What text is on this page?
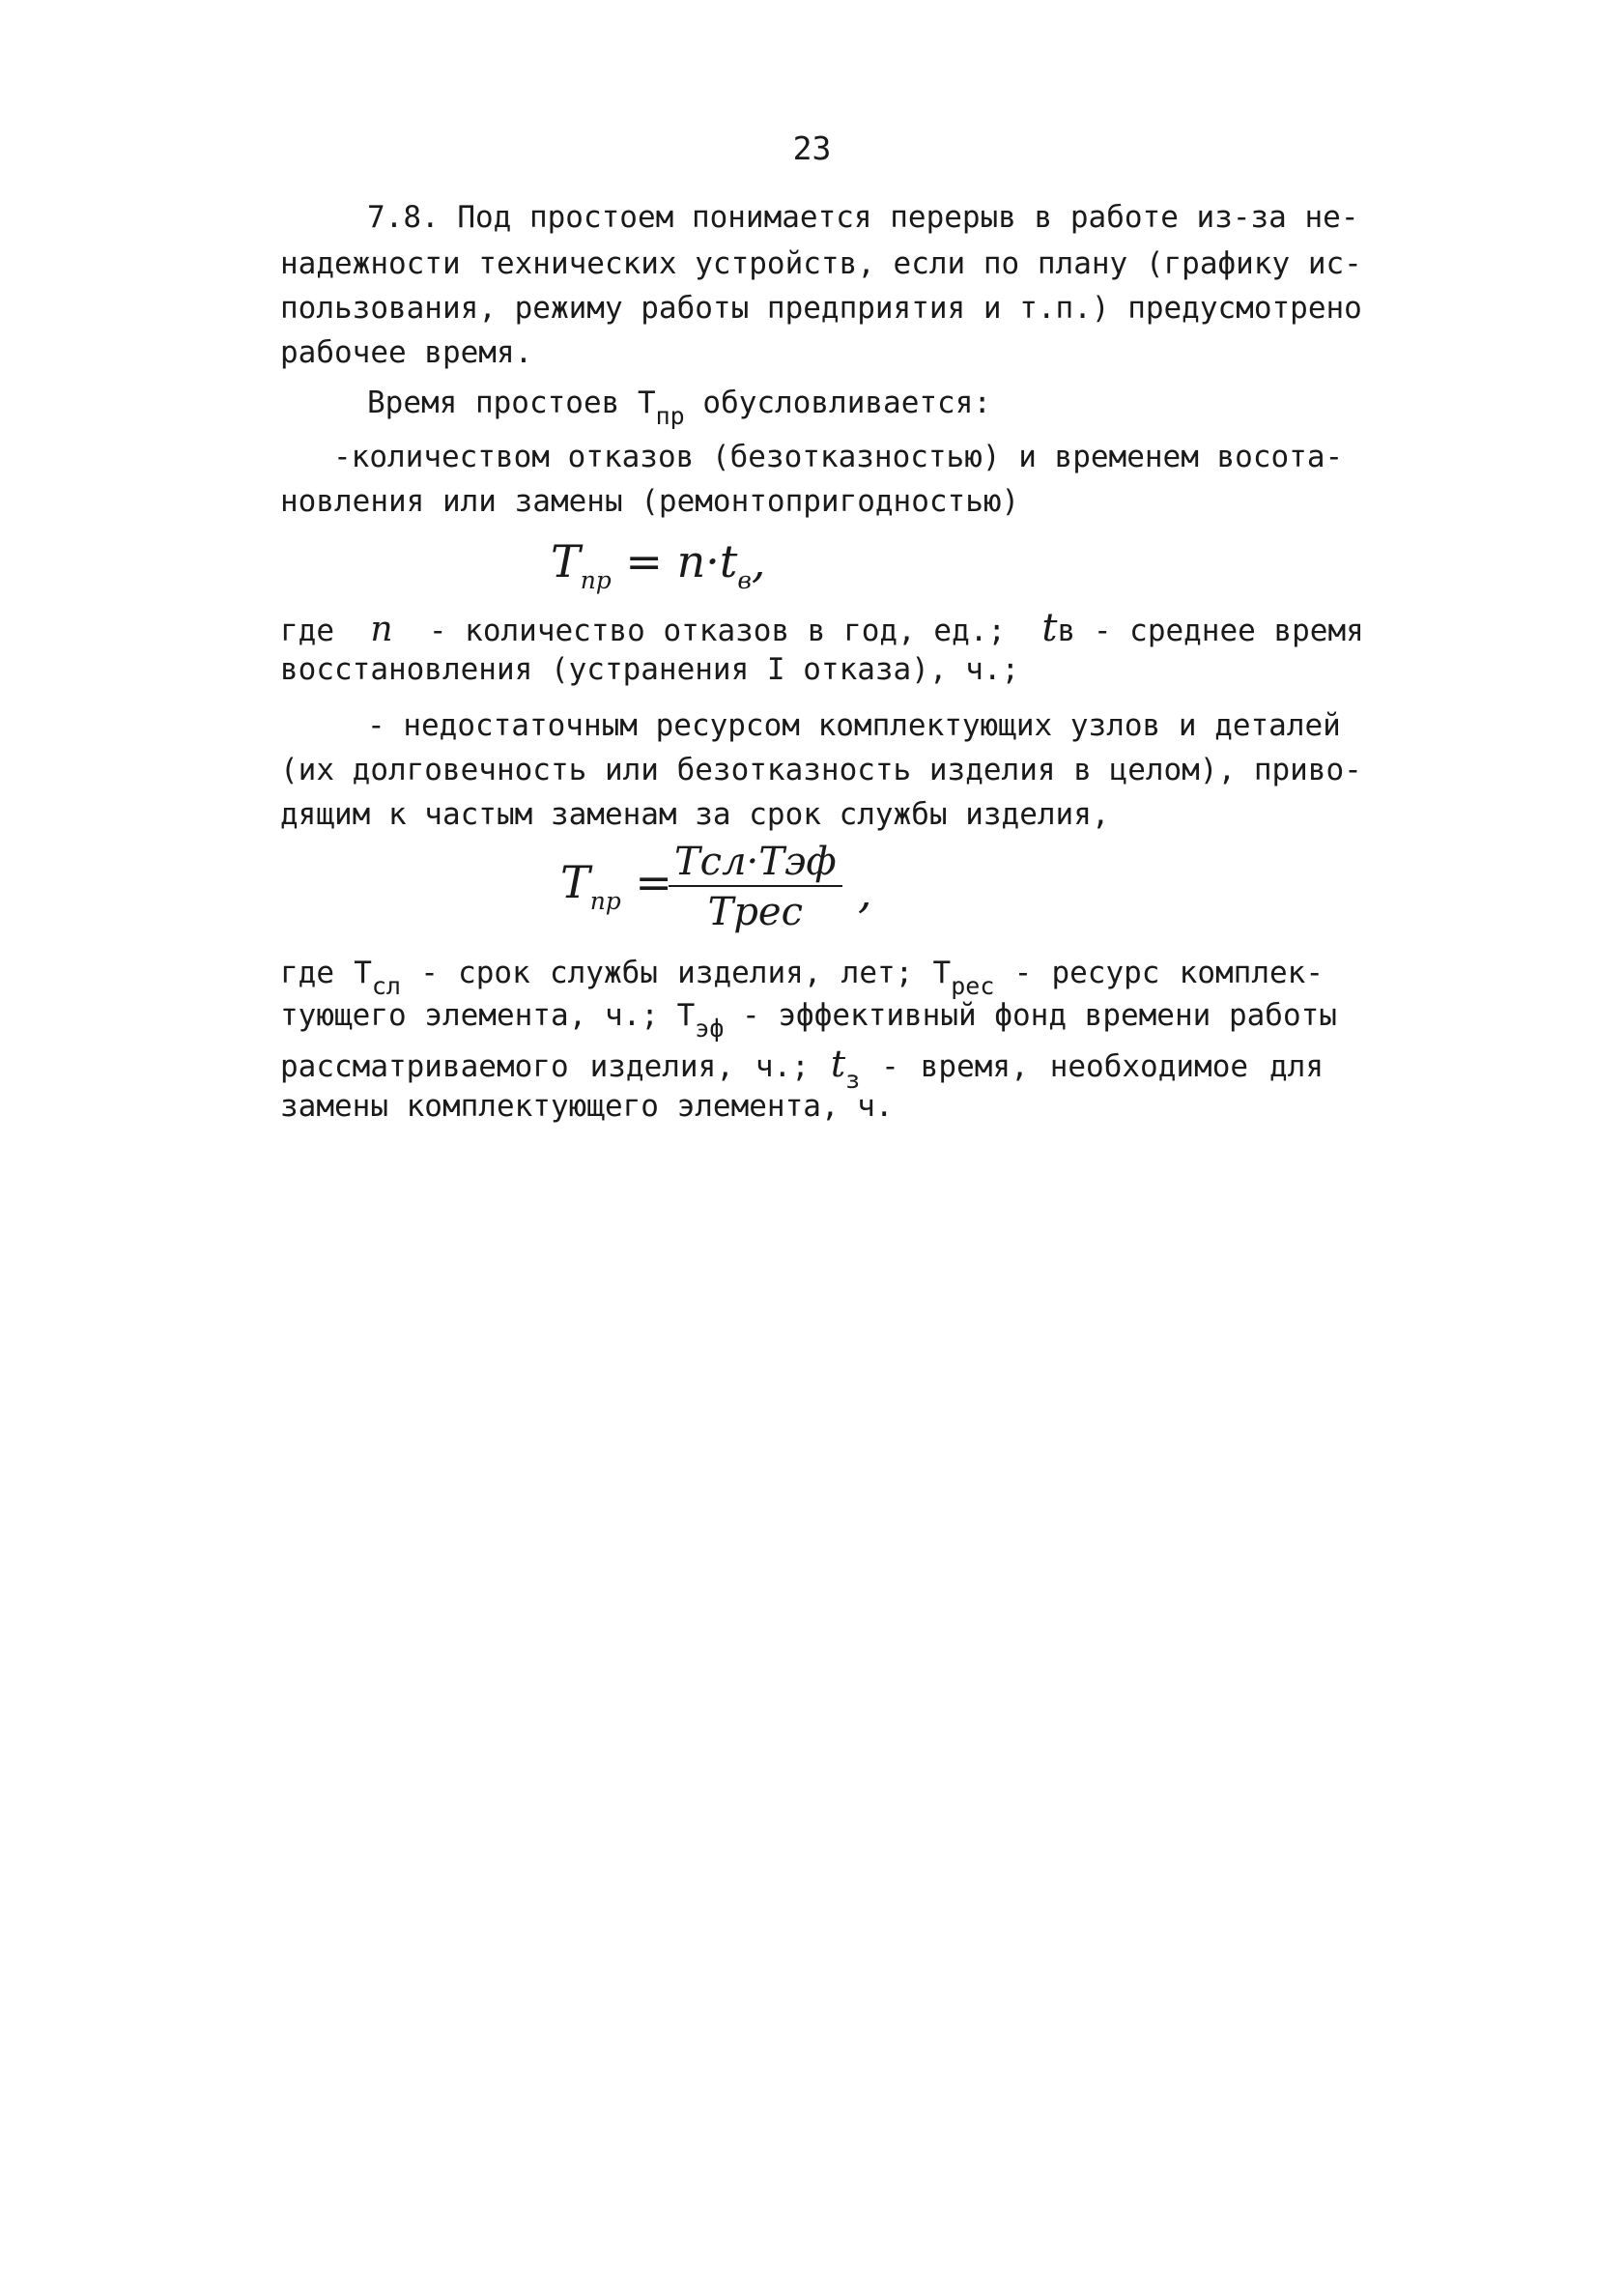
23
7.8. Под простоем понимается перерыв в работе из-за не-
надежности технических устройств, если по плану (графику ис-
пользования, режиму работы предприятия и т.п.) предусмотрено
рабочее время.
Время простоев $Т_{пр}$ обусловливается:
-количеством отказов (безотказностью) и временем восота-
новления или замены (ремонтопригодностью)
$T_{пр} = n\cdot t_в$,
где n - количество отказов в год, ед.; tв - среднее время
восстановления (устранения I отказа), ч.;
- недостаточным ресурсом комплектующих узлов и деталей
(их долговечность или безотказность изделия в целом), приво-
дящим к частым заменам за срок службы изделия,
$T_{пр} = Tсл\cdot Tэф$
Tрес ,
где $Т_{сл}$ - срок службы изделия, лет; $Т_{рес}$ - ресурс комплек-
тующего элемента, ч.; $Т_{эф}$ - эффективный фонд времени работы
рассматриваемого изделия, ч.; $t_з$ - время, необходимое для
замены комплектующего элемента, ч.
